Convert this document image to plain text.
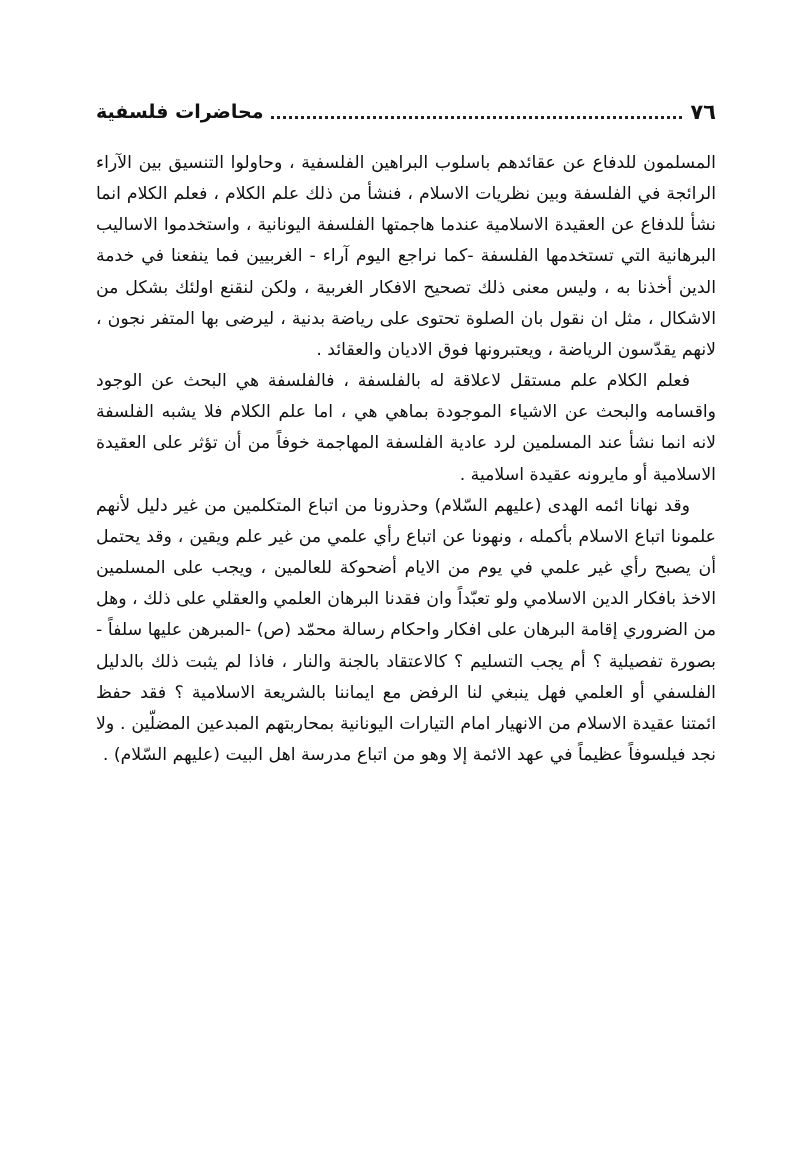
٧٦
محاضرات فلسفية

المسلمون للدفاع عن عقائدهم باسلوب البراهين الفلسفية ، وحاولوا التنسيق بين الآراء الرائجة في الفلسفة وبين نظريات الاسلام ، فنشأ من ذلك علم الكلام ، فعلم الكلام انما نشأ للدفاع عن العقيدة الاسلامية عندما هاجمتها الفلسفة اليونانية ، واستخدموا الاساليب البرهانية التي تستخدمها الفلسفة -كما نراجع اليوم آراء - الغربيين فما ينفعنا في خدمة الدين أخذنا به ، وليس معنى ذلك تصحيح الافكار الغربية ، ولكن لنقنع اولئك بشكل من الاشكال ، مثل ان نقول بان الصلوة تحتوى على رياضة بدنية ، ليرضى بها المتفر نجون ، لانهم يقدّسون الرياضة ، ويعتبرونها فوق الاديان والعقائد .

فعلم الكلام علم مستقل لاعلاقة له بالفلسفة ، فالفلسفة هي البحث عن الوجود واقسامه والبحث عن الاشياء الموجودة بماهي هي ، اما علم الكلام فلا يشبه الفلسفة لانه انما نشأ عند المسلمين لرد عادية الفلسفة المهاجمة خوفاً من أن تؤثر على العقيدة الاسلامية أو مايرونه عقيدة اسلامية .

وقد نهانا ائمه الهدى (عليهم السّلام) وحذرونا من اتباع المتكلمين من غير دليل لأنهم علمونا اتباع الاسلام بأكمله ، ونهونا عن اتباع رأي علمي من غير علم ويقين ، وقد يحتمل أن يصبح رأي غير علمي في يوم من الايام أضحوكة للعالمين ، ويجب على المسلمين الاخذ بافكار الدين الاسلامي ولو تعبّداً وان فقدنا البرهان العلمي والعقلي على ذلك ، وهل من الضروري إقامة البرهان على افكار واحكام رسالة محمّد (ص) -المبرهن عليها سلفاً - بصورة تفصيلية ؟ أم يجب التسليم ؟ كالاعتقاد بالجنة والنار ، فاذا لم يثبت ذلك بالدليل الفلسفي أو العلمي فهل ينبغي لنا الرفض مع ايماننا بالشريعة الاسلامية ؟ فقد حفظ ائمتنا عقيدة الاسلام من الانهيار امام التيارات اليونانية بمحاربتهم المبدعين المضلّين . ولا نجد فيلسوفاً عظيماً في عهد الائمة إلا وهو من اتباع مدرسة اهل البيت (عليهم السّلام) .
